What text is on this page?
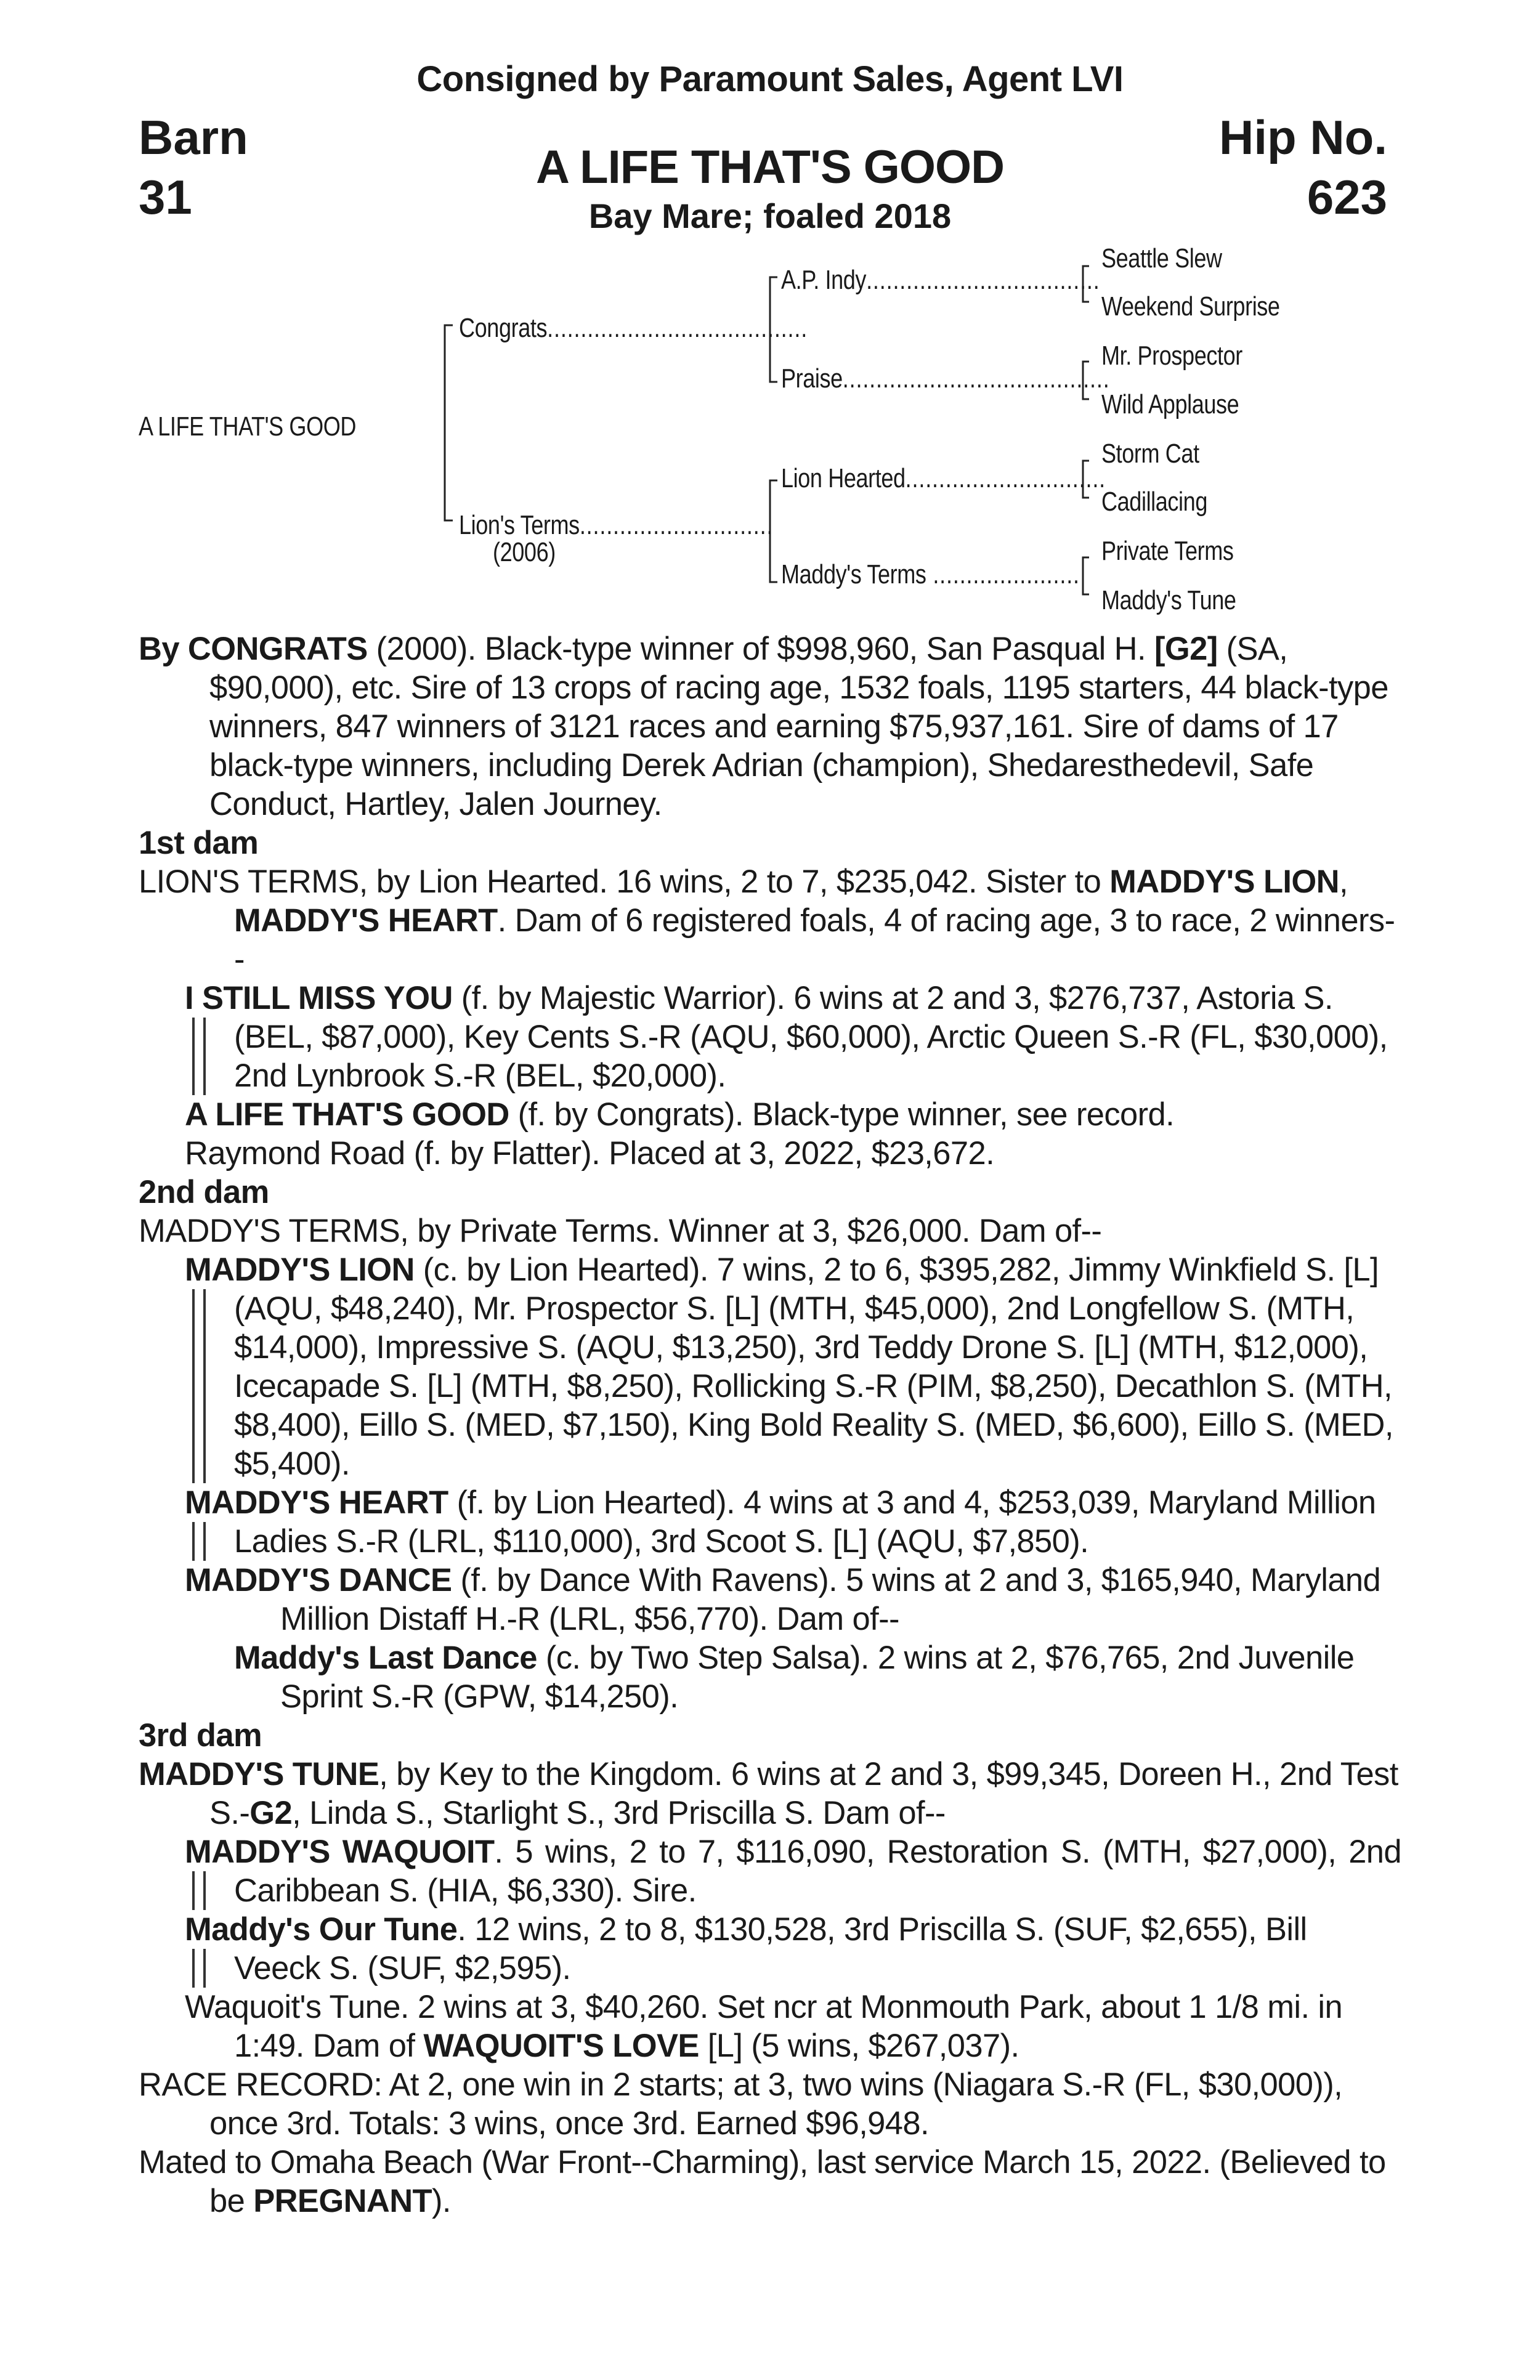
Consigned by Paramount Sales, Agent LVI
Barn
31
Hip No.
623
A LIFE THAT'S GOOD
Bay Mare; foaled 2018
A LIFE THAT'S GOOD
Congrats.......................................
Lion's Terms.............................
(2006)
A.P. Indy...................................
Praise........................................
Lion Hearted..............................
Maddy's Terms ......................
Seattle Slew
Weekend Surprise
Mr. Prospector
Wild Applause
Storm Cat
Cadillacing
Private Terms
Maddy's Tune

By CONGRATS (2000). Black-type winner of $998,960, San Pasqual H. [G2] (SA, $90,000), etc. Sire of 13 crops of racing age, 1532 foals, 1195 starters, 44 black-type winners, 847 winners of 3121 races and earning $75,937,161. Sire of dams of 17 black-type winners, including Derek Adrian (champion), Shedaresthedevil, Safe Conduct, Hartley, Jalen Journey.

1st dam

LION'S TERMS, by Lion Hearted. 16 wins, 2 to 7, $235,042. Sister to MADDY'S LION, MADDY'S HEART. Dam of 6 registered foals, 4 of racing age, 3 to race, 2 winners--

I STILL MISS YOU (f. by Majestic Warrior). 6 wins at 2 and 3, $276,737, Astoria S. (BEL, $87,000), Key Cents S.-R (AQU, $60,000), Arctic Queen S.-R (FL, $30,000), 2nd Lynbrook S.-R (BEL, $20,000).

A LIFE THAT'S GOOD (f. by Congrats). Black-type winner, see record.

Raymond Road (f. by Flatter). Placed at 3, 2022, $23,672.

2nd dam

MADDY'S TERMS, by Private Terms. Winner at 3, $26,000. Dam of--

MADDY'S LION (c. by Lion Hearted). 7 wins, 2 to 6, $395,282, Jimmy Winkfield S. [L] (AQU, $48,240), Mr. Prospector S. [L] (MTH, $45,000), 2nd Longfellow S. (MTH, $14,000), Impressive S. (AQU, $13,250), 3rd Teddy Drone S. [L] (MTH, $12,000), Icecapade S. [L] (MTH, $8,250), Rollicking S.-R (PIM, $8,250), Decathlon S. (MTH, $8,400), Eillo S. (MED, $7,150), King Bold Reality S. (MED, $6,600), Eillo S. (MED, $5,400).

MADDY'S HEART (f. by Lion Hearted). 4 wins at 3 and 4, $253,039, Maryland Million Ladies S.-R (LRL, $110,000), 3rd Scoot S. [L] (AQU, $7,850).

MADDY'S DANCE (f. by Dance With Ravens). 5 wins at 2 and 3, $165,940, Maryland Million Distaff H.-R (LRL, $56,770). Dam of--

Maddy's Last Dance (c. by Two Step Salsa). 2 wins at 2, $76,765, 2nd Juvenile Sprint S.-R (GPW, $14,250).

3rd dam

MADDY'S TUNE, by Key to the Kingdom. 6 wins at 2 and 3, $99,345, Doreen H., 2nd Test S.-G2, Linda S., Starlight S., 3rd Priscilla S. Dam of--

MADDY'S WAQUOIT. 5 wins, 2 to 7, $116,090, Restoration S. (MTH, $27,000), 2nd Caribbean S. (HIA, $6,330). Sire.

Maddy's Our Tune. 12 wins, 2 to 8, $130,528, 3rd Priscilla S. (SUF, $2,655), Bill Veeck S. (SUF, $2,595).

Waquoit's Tune. 2 wins at 3, $40,260. Set ncr at Monmouth Park, about 1 1/8 mi. in 1:49. Dam of WAQUOIT'S LOVE [L] (5 wins, $267,037).

RACE RECORD: At 2, one win in 2 starts; at 3, two wins (Niagara S.-R (FL, $30,000)), once 3rd. Totals: 3 wins, once 3rd. Earned $96,948.

Mated to Omaha Beach (War Front--Charming), last service March 15, 2022. (Believed to be PREGNANT).
